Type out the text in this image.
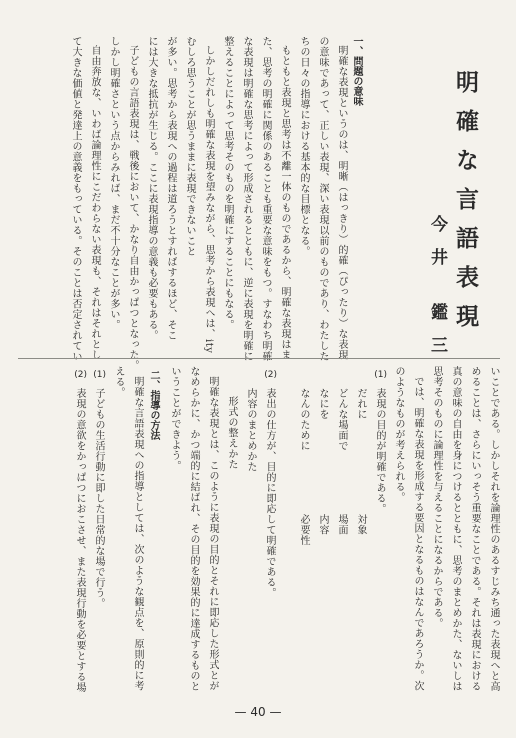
明確な言語表現
今井 鑑三
一、問題の意味
明確な表現というのは、明晰（はっきり）的確（ぴったり）な表現
の意味であって、正しい表現、深い表現以前のものであり、わたした
ちの日々の指導における基本的な目標となる。
もともと表現と思考は不離一体のものであるから、明確な表現はま
た、思考の明確に関係のあることも重要な意味をもつ。すなわち明確
な表現は明確な思考によって形成されるとともに、逆に表現を明確に
整えることによって思考そのものを明確にすることにもなる。
しかしだれしも明確な表現を望みながら、思考から表現へは、ity
むしろ思うことが思うままに表現できないこと
が多い。思考から表現への過程は道ろうとすればするほど、そこ
には大きな抵抗が生じる。ここに表現指導の意義も必要もある。
子どもの言語表現は、戦後において、かなり自由かっぱつとなった。
しかし明確さという点からみれば、まだ不十分なことが多い。
自由奔放な、いわば論理性にこだわらない表現も、それはそれとし
て大きな価値と発達上の意義をもっている。そのことは否定されてい
いことである。しかしそれを論理性のあるすじみち通った表現へと高
めることは、さらにいっそう重要なことである。それは表現における
真の意味の自由を身につけるとともに、思考のまとめかた、ないしは
思考そのものに論理性を与えることになるからである。
では、明確な表現を形成する要因となるものはなんであろうか。次
のようなものが考えられる。
(1)
表現の目的が明確である。
だれに　　　　　　　　　対象
どんな場面で　　　　　　場面
なにを　　　　　　　　　内容
なんのために　　　　　　必要性
(2)
表出の仕方が、目的に即応して明確である。
内容のまとめかた
形式の整えかた
明確な表現とは、このように表現の目的とそれに即応した形式とが
なめらかに、かつ端的に結ばれ、その目的を効果的に達成するものと
いうことができよう。
二、指導の方法
明確な言語表現への指導としては、次のような観点を、原則的に考
える。
(1)
子どもの生活行動に即した日常的な場で行う。
(2)
表現の意欲をかっぱつにおこさせ、また表現行動を必要とする場
— 40 —
